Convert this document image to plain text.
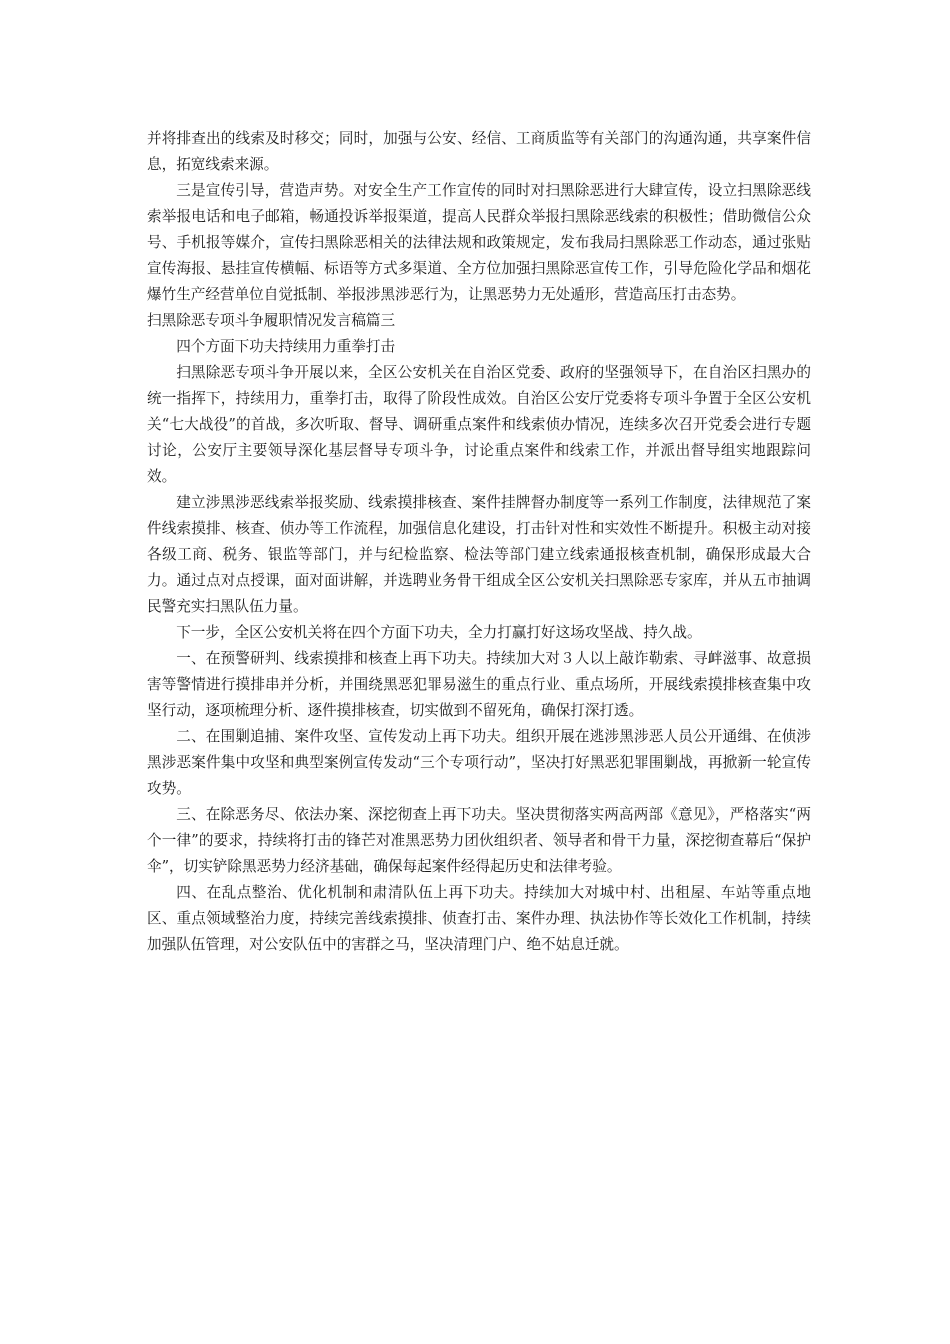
并将排查出的线索及时移交；同时，加强与公安、经信、工商质监等有关部门的沟通沟通，共享案件信息，拓宽线索来源。

三是宣传引导，营造声势。对安全生产工作宣传的同时对扫黑除恶进行大肆宣传，设立扫黑除恶线索举报电话和电子邮箱，畅通投诉举报渠道，提高人民群众举报扫黑除恶线索的积极性；借助微信公众号、手机报等媒介，宣传扫黑除恶相关的法律法规和政策规定，发布我局扫黑除恶工作动态，通过张贴宣传海报、悬挂宣传横幅、标语等方式多渠道、全方位加强扫黑除恶宣传工作，引导危险化学品和烟花爆竹生产经营单位自觉抵制、举报涉黑涉恶行为，让黑恶势力无处遁形，营造高压打击态势。

扫黑除恶专项斗争履职情况发言稿篇三

四个方面下功夫持续用力重拳打击

扫黑除恶专项斗争开展以来，全区公安机关在自治区党委、政府的坚强领导下，在自治区扫黑办的统一指挥下，持续用力，重拳打击，取得了阶段性成效。自治区公安厅党委将专项斗争置于全区公安机关“七大战役”的首战，多次听取、督导、调研重点案件和线索侦办情况，连续多次召开党委会进行专题讨论，公安厅主要领导深化基层督导专项斗争，讨论重点案件和线索工作，并派出督导组实地跟踪问效。

建立涉黑涉恶线索举报奖励、线索摸排核查、案件挂牌督办制度等一系列工作制度，法律规范了案件线索摸排、核查、侦办等工作流程，加强信息化建设，打击针对性和实效性不断提升。积极主动对接各级工商、税务、银监等部门，并与纪检监察、检法等部门建立线索通报核查机制，确保形成最大合力。通过点对点授课，面对面讲解，并选聘业务骨干组成全区公安机关扫黑除恶专家库，并从五市抽调民警充实扫黑队伍力量。

下一步，全区公安机关将在四个方面下功夫，全力打赢打好这场攻坚战、持久战。

一、在预警研判、线索摸排和核查上再下功夫。持续加大对３人以上敲诈勒索、寻衅滋事、故意损害等警情进行摸排串并分析，并围绕黑恶犯罪易滋生的重点行业、重点场所，开展线索摸排核查集中攻坚行动，逐项梳理分析、逐件摸排核查，切实做到不留死角，确保打深打透。

二、在围剿追捕、案件攻坚、宣传发动上再下功夫。组织开展在逃涉黑涉恶人员公开通缉、在侦涉黑涉恶案件集中攻坚和典型案例宣传发动“三个专项行动”，坚决打好黑恶犯罪围剿战，再掀新一轮宣传攻势。

三、在除恶务尽、依法办案、深挖彻查上再下功夫。坚决贯彻落实两高两部《意见》，严格落实“两个一律”的要求，持续将打击的锋芒对准黑恶势力团伙组织者、领导者和骨干力量，深挖彻查幕后“保护伞”，切实铲除黑恶势力经济基础，确保每起案件经得起历史和法律考验。

四、在乱点整治、优化机制和肃清队伍上再下功夫。持续加大对城中村、出租屋、车站等重点地区、重点领域整治力度，持续完善线索摸排、侦查打击、案件办理、执法协作等长效化工作机制，持续加强队伍管理，对公安队伍中的害群之马，坚决清理门户、绝不姑息迁就。
